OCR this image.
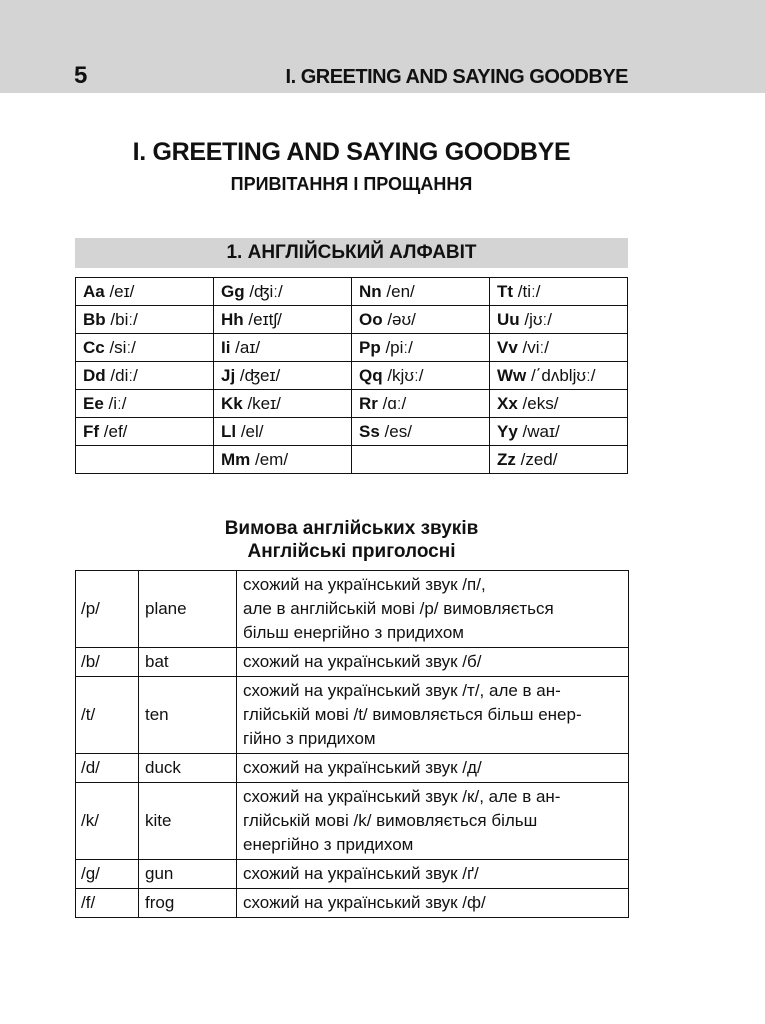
5	I. GREETING AND SAYING GOODBYE
I. GREETING AND SAYING GOODBYE
ПРИВІТАННЯ І ПРОЩАННЯ
1. АНГЛІЙСЬКИЙ АЛФАВІТ
Aa /eɪ/	Gg /ʤiː/	Nn /en/	Tt /tiː/
Bb /biː/	Hh /eɪtʃ/	Oo /əʊ/	Uu /jʊː/
Cc /siː/	Ii /aɪ/	Pp /piː/	Vv /viː/
Dd /diː/	Jj /ʤeɪ/	Qq /kjʊː/	Ww /΄dʌbljʊː/
Ee /iː/	Kk /keɪ/	Rr /ɑː/	Xx /eks/
Ff /ef/	Ll /el/	Ss /es/	Yy /waɪ/
	Mm /em/		Zz /zed/
Вимова англійських звуків
Англійські приголосні
/p/	plane	схожий на український звук /п/,
але в англійській мові /p/ вимовляється
більш енергійно з придихом

/b/	bat	схожий на український звук /б/

/t/	ten	схожий на український звук /т/, але в ан-
глійській мові /t/ вимовляється більш енер-
гійно з придихом

/d/	duck	схожий на український звук /д/

/k/	kite	схожий на український звук /к/, але в ан-
глійській мові /k/ вимовляється більш
енергійно з придихом

/g/	gun	схожий на український звук /ґ/

/f/	frog	схожий на український звук /ф/
